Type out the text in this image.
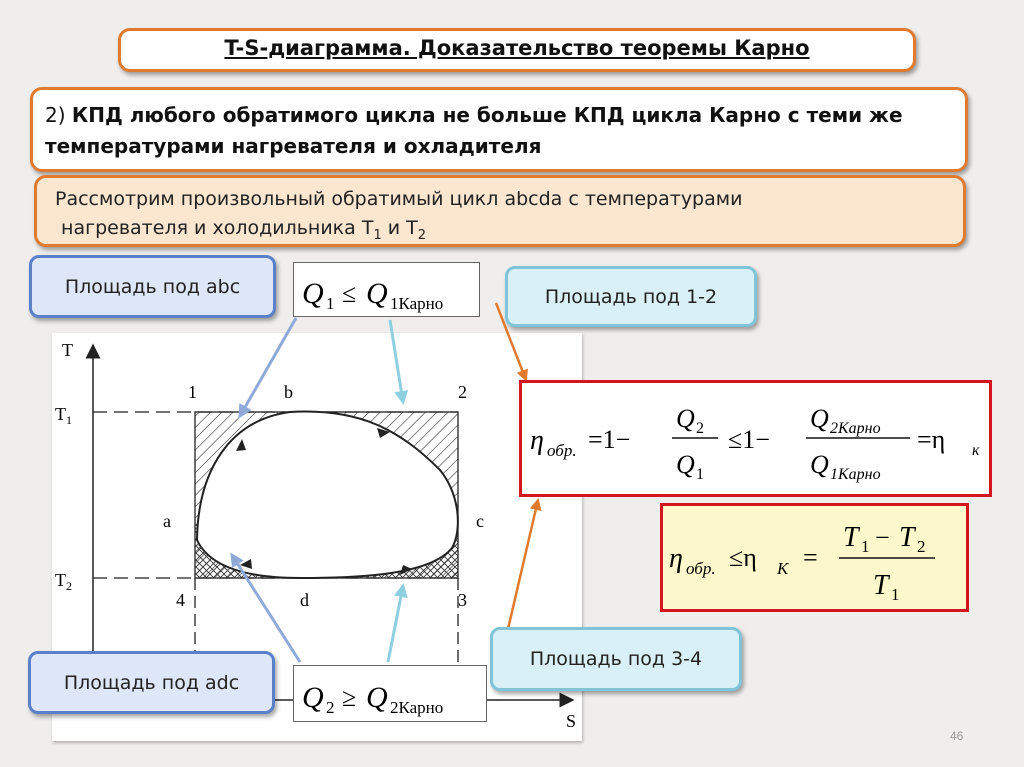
T-S-диаграмма. Доказательство теоремы Карно
2) КПД любого обратимого цикла не больше КПД цикла Карно с теми же температурами нагревателя и охладителя
Рассмотрим произвольный обратимый цикл abcda с температурами
нагревателя и холодильника $T_1$ и $T_2$
T
S
$T_1$
$T_2$
1	2
3
4
a
b
c
d
Площадь под abc	Площадь под 1-2
Площадь под adc
Площадь под 3-4
Q 1 ≤ Q 1Карно
Q 2 ≥ Q 2Карно
η обр. =1−
Q 2
Q 1
≤1−
Q 2Карно
Q 1Карно
=η к
η обр. ≤η К =
T 1 − T 2
T 1
46
